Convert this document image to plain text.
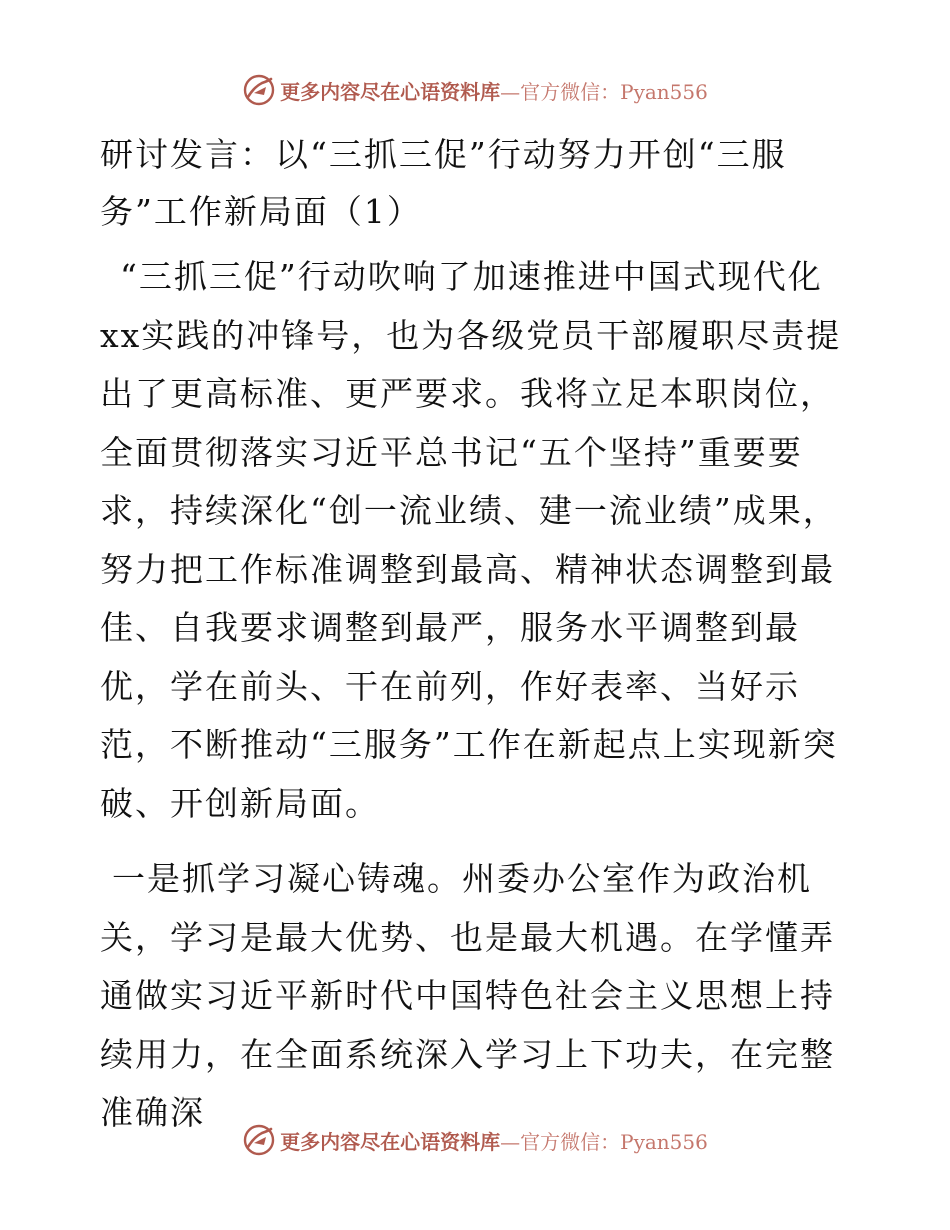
更多内容尽在心语资料库—官方微信：Pyan556
研讨发言：以“三抓三促”行动努力开创“三服务”工作新局面（1）

“三抓三促”行动吹响了加速推进中国式现代化xx实践的冲锋号，也为各级党员干部履职尽责提出了更高标准、更严要求。我将立足本职岗位，全面贯彻落实习近平总书记“五个坚持”重要要求，持续深化“创一流业绩、建一流业绩”成果，努力把工作标准调整到最高、精神状态调整到最佳、自我要求调整到最严，服务水平调整到最优，学在前头、干在前列，作好表率、当好示范，不断推动“三服务”工作在新起点上实现新突破、开创新局面。

一是抓学习凝心铸魂。州委办公室作为政治机关，学习是最大优势、也是最大机遇。在学懂弄通做实习近平新时代中国特色社会主义思想上持续用力，在全面系统深入学习上下功夫，在完整准确深

更多内容尽在心语资料库—官方微信：Pyan556
